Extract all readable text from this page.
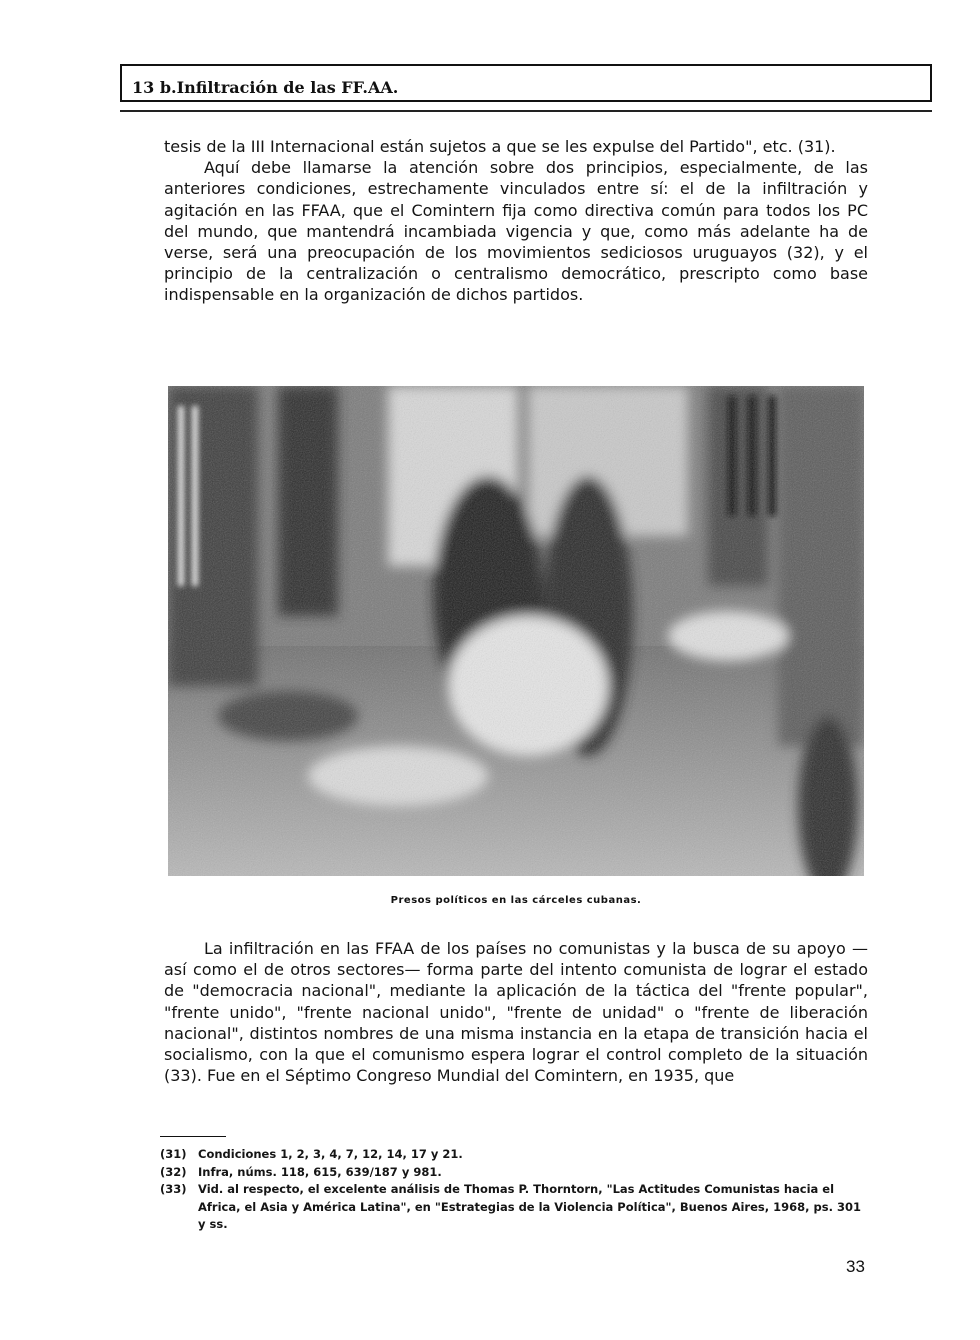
13 b.Infiltración de las FF.AA.

tesis de la III Internacional están sujetos a que se les expulse del Partido", etc. (31).

Aquí debe llamarse la atención sobre dos principios, especialmente, de las anteriores condiciones, estrechamente vinculados entre sí: el de la infiltración y agitación en las FFAA, que el Comintern fija como directiva común para todos los PC del mundo, que mantendrá incambiada vigencia y que, como más adelante ha de verse, será una preocupación de los movimientos sediciosos uruguayos (32), y el principio de la centralización o centralismo democrático, prescripto como base indispensable en la organización de dichos partidos.

Presos políticos en las cárceles cubanas.

La infiltración en las FFAA de los países no comunistas y la busca de su apoyo —así como el de otros sectores— forma parte del intento comunista de lograr el estado de "democracia nacional", mediante la aplicación de la táctica del "frente popular", "frente unido", "frente nacional unido", "frente de unidad" o "frente de liberación nacional", distintos nombres de una misma instancia en la etapa de transición hacia el socialismo, con la que el comunismo espera lograr el control completo de la situación (33). Fue en el Séptimo Congreso Mundial del Comintern, en 1935, que

(31) Condiciones 1, 2, 3, 4, 7, 12, 14, 17 y 21.
(32) Infra, núms. 118, 615, 639/187 y 981.
(33) Vid. al respecto, el excelente análisis de Thomas P. Thorntorn, "Las Actitudes Comunistas hacia el Africa, el Asia y América Latina", en "Estrategias de la Violencia Política", Buenos Aires, 1968, ps. 301 y ss.
33
